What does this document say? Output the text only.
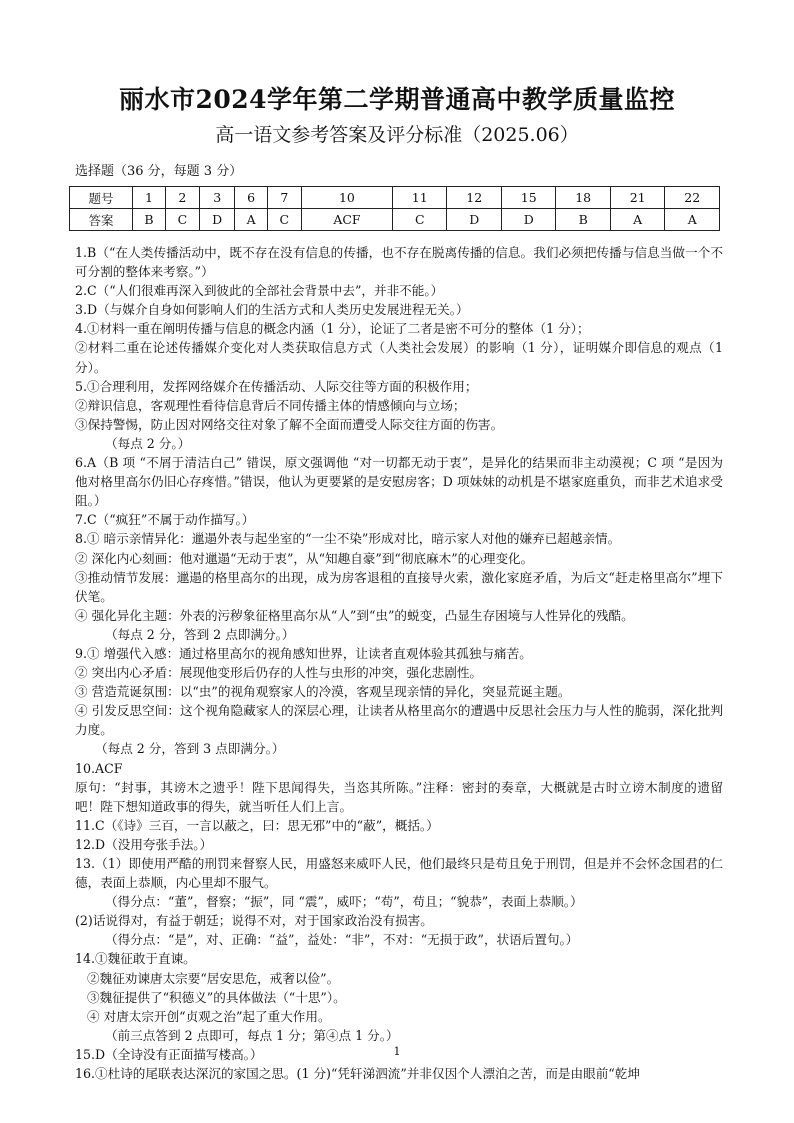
丽水市2024学年第二学期普通高中教学质量监控
高一语文参考答案及评分标准（2025.06）
选择题（36 分，每题 3 分）
题号	1	2	3	6	7	10	11	12	15	18	21	22
答案	B	C	D	A	C	ACF	C	D	D	B	A	A

1.B（“在人类传播活动中，既不存在没有信息的传播，也不存在脱离传播的信息。我们必须把传播与信息当做一个不可分割的整体来考察。”）

2.C（“人们很难再深入到彼此的全部社会背景中去”，并非不能。）

3.D（与媒介自身如何影响人们的生活方式和人类历史发展进程无关。）

4.①材料一重在阐明传播与信息的概念内涵（1 分），论证了二者是密不可分的整体（1 分）；

②材料二重在论述传播媒介变化对人类获取信息方式（人类社会发展）的影响（1 分），证明媒介即信息的观点（1 分）。

5.①合理利用，发挥网络媒介在传播活动、人际交往等方面的积极作用；

②辩识信息，客观理性看待信息背后不同传播主体的情感倾向与立场；

③保持警惕，防止因对网络交往对象了解不全面而遭受人际交往方面的伤害。

（每点 2 分。）

6.A（B 项 “不屑于清洁白己” 错误，原文强调他 “对一切都无动于衷”，是异化的结果而非主动漠视；C 项 “是因为他对格里高尔仍旧心存疼惜。”错误，他认为更要紧的是安慰房客；D 项妹妹的动机是不堪家庭重负，而非艺术追求受阻。）

7.C（“疯狂”不属于动作描写。）

8.① 暗示亲情异化：邋遢外表与起坐室的“一尘不染”形成对比，暗示家人对他的嫌弃已超越亲情。

② 深化内心刻画：他对邋遢“无动于衷”，从“知趣自豪”到“彻底麻木”的心理变化。

③推动情节发展：邋遢的格里高尔的出现，成为房客退租的直接导火索，激化家庭矛盾，为后文“赶走格里高尔”埋下伏笔。

④ 强化异化主题：外表的污秽象征格里高尔从“人”到“虫”的蜕变，凸显生存困境与人性异化的残酷。

（每点 2 分，答到 2 点即满分。）

9.① 增强代入感：通过格里高尔的视角感知世界，让读者直观体验其孤独与痛苦。

② 突出内心矛盾：展现他变形后仍存的人性与虫形的冲突，强化悲剧性。

③ 营造荒诞氛围：以“虫”的视角观察家人的冷漠，客观呈现亲情的异化，突显荒诞主题。

④ 引发反思空间：这个视角隐藏家人的深层心理，让读者从格里高尔的遭遇中反思社会压力与人性的脆弱，深化批判力度。

（每点 2 分，答到 3 点即满分。）

10.ACF

原句：“封事，其谤木之遗乎！陛下思闻得失，当恣其所陈。”注释：密封的奏章，大概就是古时立谤木制度的遗留吧！陛下想知道政事的得失，就当听任人们上言。

11.C（《诗》三百，一言以蔽之，曰：思无邪”中的“蔽”，概括。）

12.D（没用夸张手法。）

13.（1）即使用严酷的刑罚来督察人民，用盛怒来威吓人民，他们最终只是苟且免于刑罚，但是并不会怀念国君的仁德，表面上恭顺，内心里却不服气。

（得分点：“董”，督察；“振”，同 “震”，威吓；“苟”，苟且；“貌恭”，表面上恭顺。）

(2)话说得对，有益于朝廷；说得不对，对于国家政治没有损害。

（得分点：“是”，对、正确：“益”，益处：“非”，不对：“无损于政”，状语后置句。）

14.①魏征敢于直谏。

②魏征劝谏唐太宗要“居安思危，戒奢以俭”。

③魏征提供了“积德义”的具体做法（“十思”）。

④ 对唐太宗开创“贞观之治”起了重大作用。

（前三点答到 2 点即可，每点 1 分；第④点 1 分。）

15.D（全诗没有正面描写楼高。）

16.①杜诗的尾联表达深沉的家国之思。(1 分)“凭轩涕泗流”并非仅因个人漂泊之苦，而是由眼前“乾坤

1
